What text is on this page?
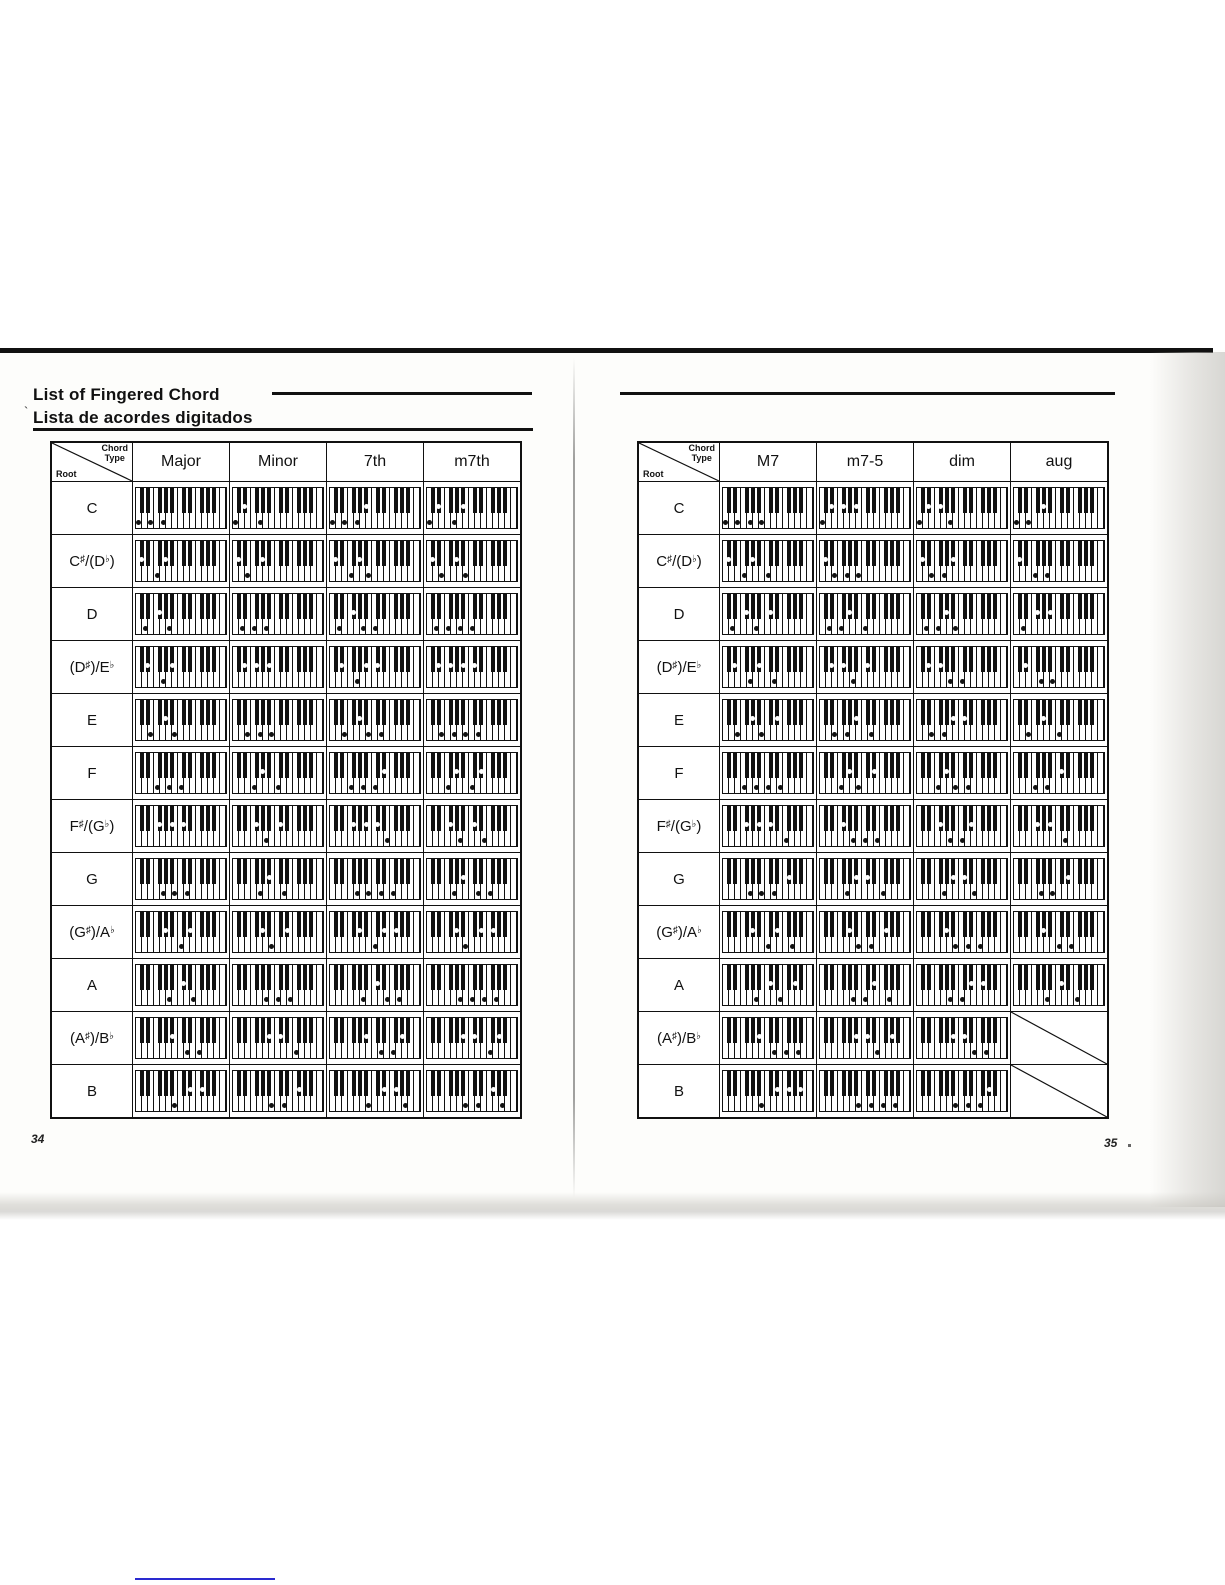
`
List of Fingered Chord
Lista de acordes digitados
34	35
Chord
Type
Root	Major	Minor	7th	m7th
C	

C♯/(D♭)	

D	

(D♯)/E♭	

E	

F	

F♯/(G♭)	

G	

(G♯)/A♭	

A	

(A♯)/B♭	

B	

Chord
Type
Root	M7	m7-5	dim	aug
C	

C♯/(D♭)	

D	

(D♯)/E♭	

E	

F	

F♯/(G♭)	

G	

(G♯)/A♭	

A	

(A♯)/B♭	

B	
